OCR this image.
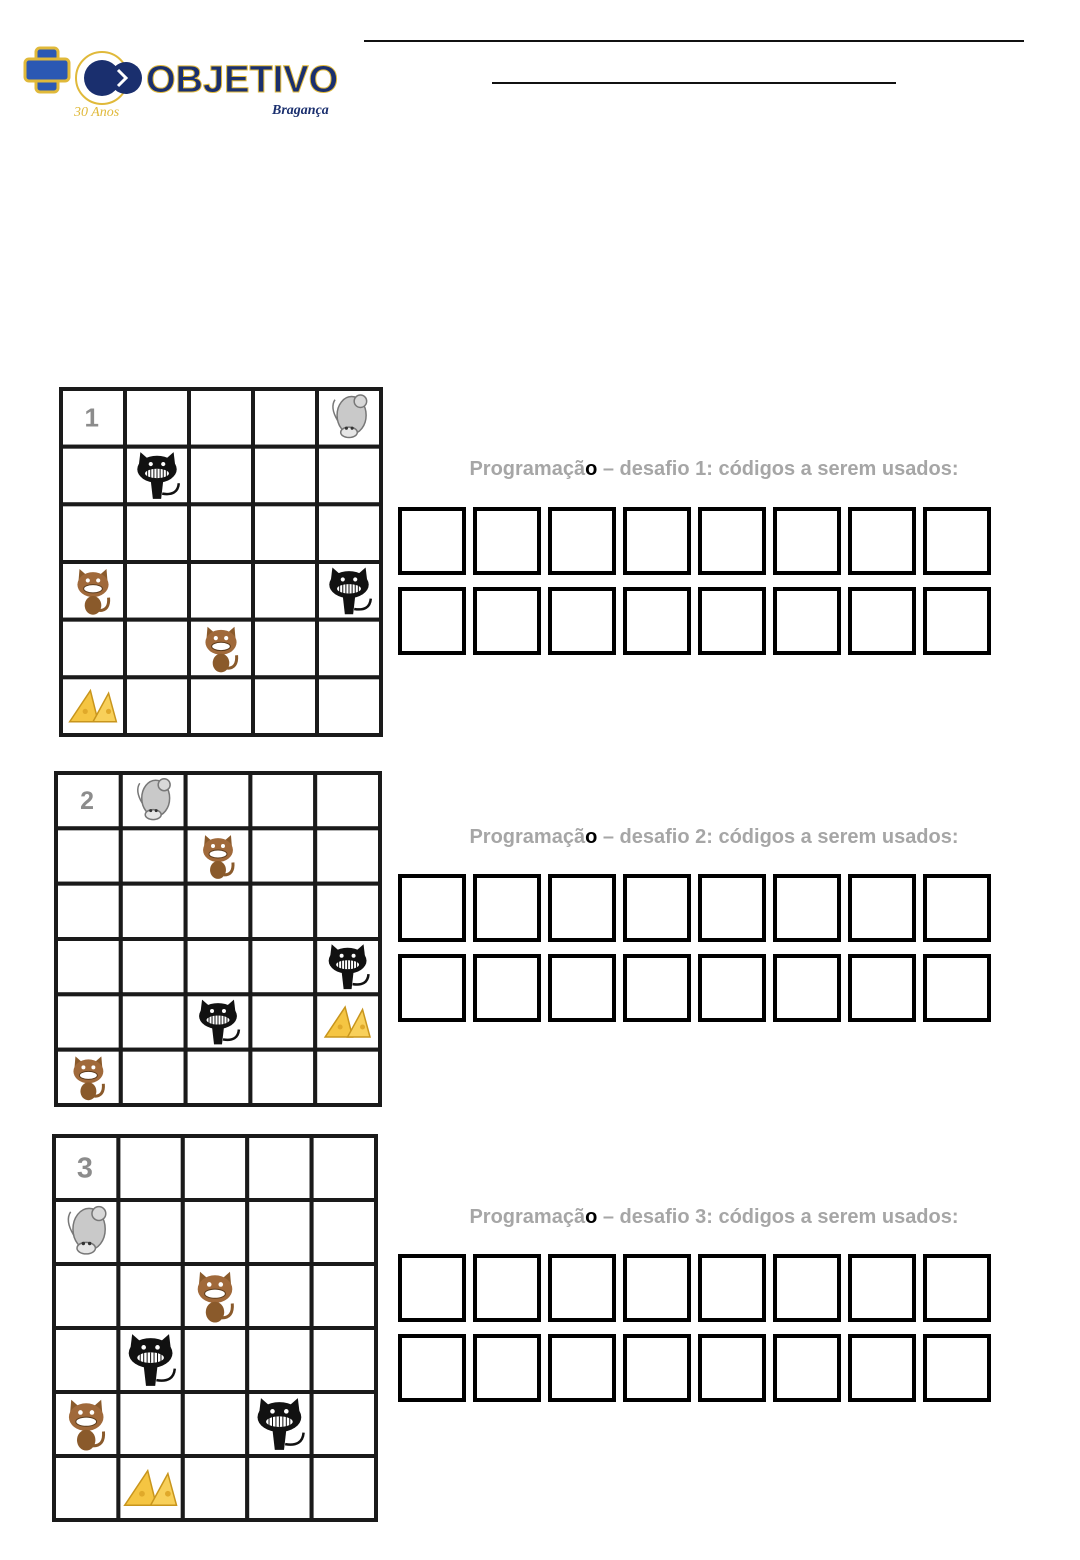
OBJETIVO
30 Anos	Bragança
1
Programação – desafio 1: códigos a serem usados:
2
Programação – desafio 2: códigos a serem usados:
3
Programação – desafio 3: códigos a serem usados:
